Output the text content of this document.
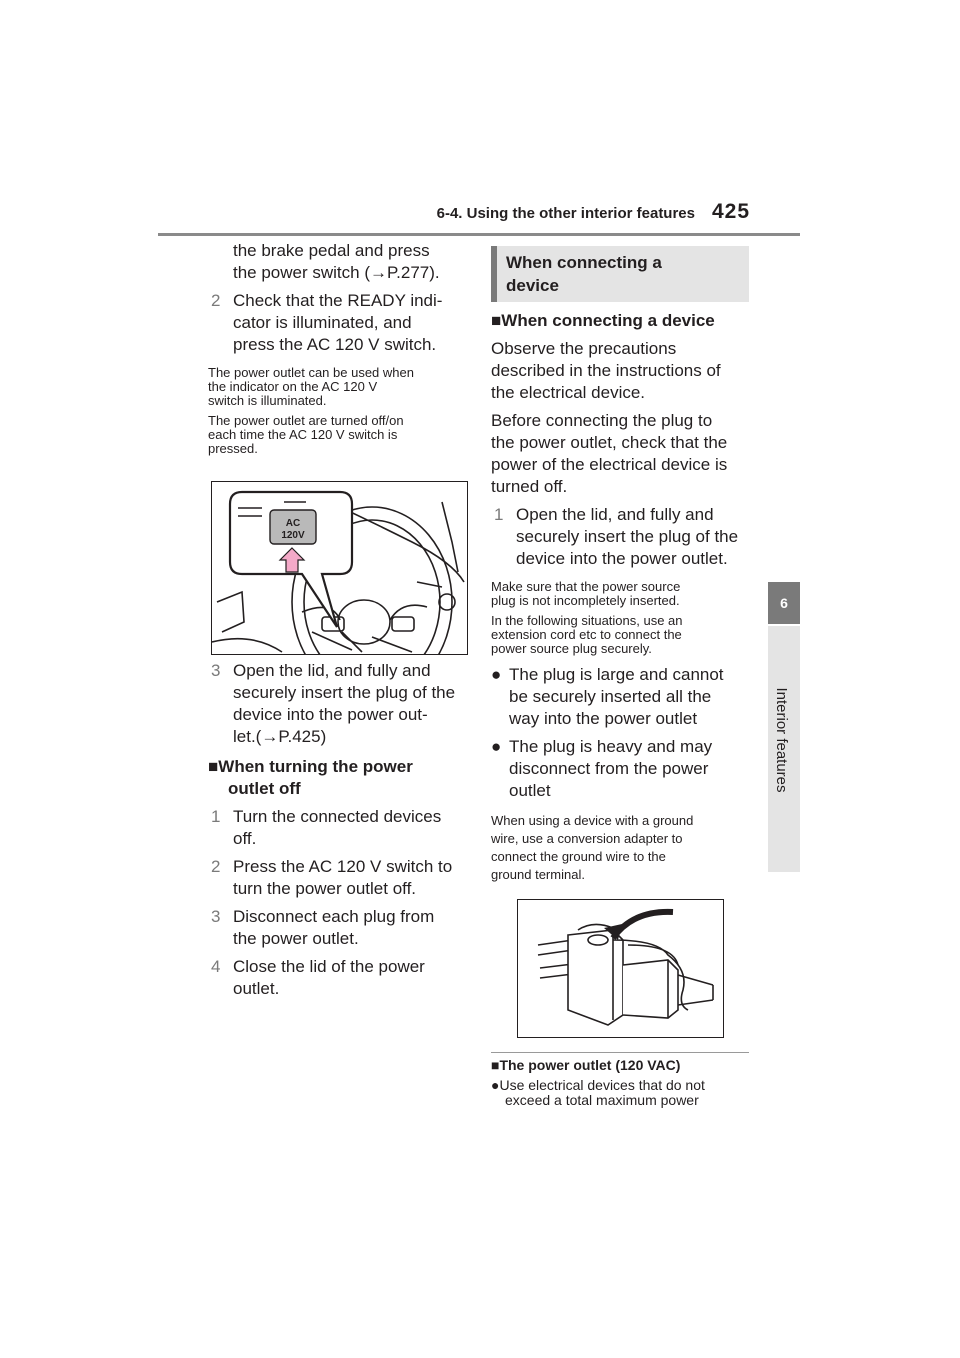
6-4. Using the other interior features 425
6
Interior features
the brake pedal and press
the power switch (→P.277).
2 Check that the READY indi-
cator is illuminated, and
press the AC 120 V switch.
The power outlet can be used when
the indicator on the AC 120 V
switch is illuminated.
The power outlet are turned off/on
each time the AC 120 V switch is
pressed.
AC
120V
3 Open the lid, and fully and
securely insert the plug of the
device into the power out-
let.(→P.425)
■When turning the power
outlet off
1 Turn the connected devices
off.
2 Press the AC 120 V switch to
turn the power outlet off.
3 Disconnect each plug from
the power outlet.
4 Close the lid of the power
outlet.
When connecting a
device
■When connecting a device
Observe the precautions
described in the instructions of
the electrical device.
Before connecting the plug to
the power outlet, check that the
power of the electrical device is
turned off.
1 Open the lid, and fully and
securely insert the plug of the
device into the power outlet.
Make sure that the power source
plug is not incompletely inserted.
In the following situations, use an
extension cord etc to connect the
power source plug securely.
● The plug is large and cannot
be securely inserted all the
way into the power outlet
● The plug is heavy and may
disconnect from the power
outlet
When using a device with a ground
wire, use a conversion adapter to
connect the ground wire to the
ground terminal.
■The power outlet (120 VAC)
●Use electrical devices that do not
exceed a total maximum power
